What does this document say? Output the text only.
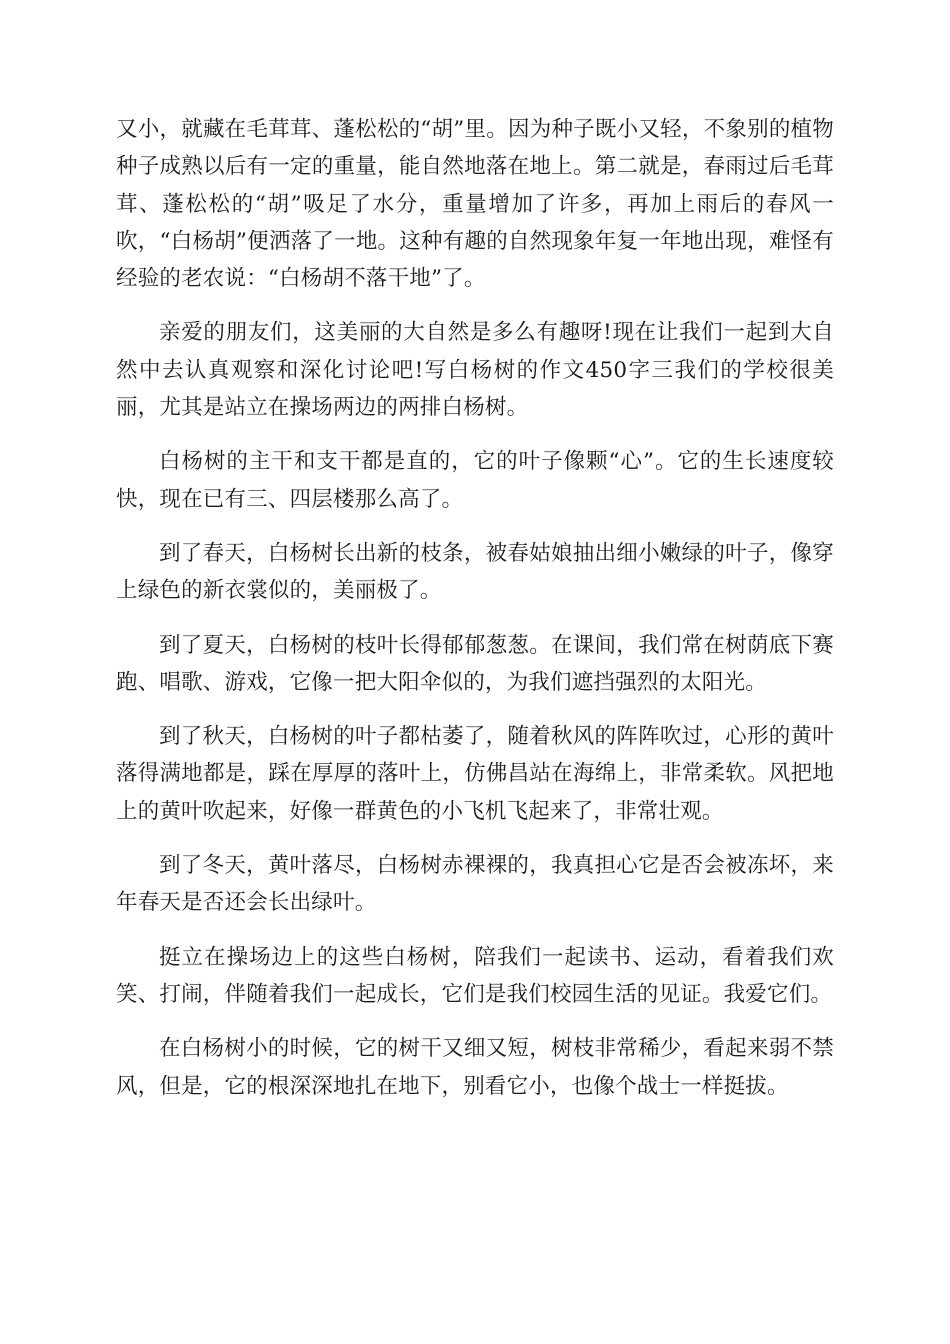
又小，就藏在毛茸茸、蓬松松的“胡”里。因为种子既小又轻，不象别的植物种子成熟以后有一定的重量，能自然地落在地上。第二就是，春雨过后毛茸茸、蓬松松的“胡”吸足了水分，重量增加了许多，再加上雨后的春风一吹，“白杨胡”便洒落了一地。这种有趣的自然现象年复一年地出现，难怪有经验的老农说：“白杨胡不落干地”了。

亲爱的朋友们，这美丽的大自然是多么有趣呀!现在让我们一起到大自然中去认真观察和深化讨论吧!写白杨树的作文450字三我们的学校很美丽，尤其是站立在操场两边的两排白杨树。

白杨树的主干和支干都是直的，它的叶子像颗“心”。它的生长速度较快，现在已有三、四层楼那么高了。

到了春天，白杨树长出新的枝条，被春姑娘抽出细小嫩绿的叶子，像穿上绿色的新衣裳似的，美丽极了。

到了夏天，白杨树的枝叶长得郁郁葱葱。在课间，我们常在树荫底下赛跑、唱歌、游戏，它像一把大阳伞似的，为我们遮挡强烈的太阳光。

到了秋天，白杨树的叶子都枯萎了，随着秋风的阵阵吹过，心形的黄叶落得满地都是，踩在厚厚的落叶上，仿佛昌站在海绵上，非常柔软。风把地上的黄叶吹起来，好像一群黄色的小飞机飞起来了，非常壮观。

到了冬天，黄叶落尽，白杨树赤裸裸的，我真担心它是否会被冻坏，来年春天是否还会长出绿叶。

挺立在操场边上的这些白杨树，陪我们一起读书、运动，看着我们欢笑、打闹，伴随着我们一起成长，它们是我们校园生活的见证。我爱它们。

在白杨树小的时候，它的树干又细又短，树枝非常稀少，看起来弱不禁风，但是，它的根深深地扎在地下，别看它小，也像个战士一样挺拔。
